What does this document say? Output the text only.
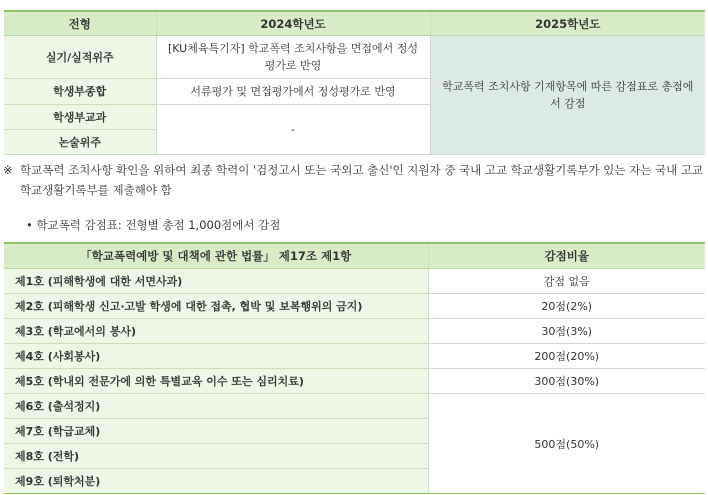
전형	2024학년도	2025학년도
실기/실적위주	[KU체육특기자] 학교폭력 조치사항을 면접에서 정성평가로 반영	학교폭력 조치사항 기재항목에 따른 감점표로 총점에서 감점
학생부종합	서류평가 및 면접평가에서 정성평가로 반영	
학생부교과	-	
논술위주		
※ 학교폭력 조치사항 확인을 위하여 최종 학력이 '검정고시 또는 국외고 출신'인 지원자 중 국내 고교 학교생활기록부가 있는 자는 국내 고교 학교생활기록부를 제출해야 함
• 학교폭력 감점표: 전형별 총점 1,000점에서 감점
「학교폭력예방 및 대책에 관한 법률」 제17조 제1항	감점비율
제1호 (피해학생에 대한 서면사과)	감점 없음
제2호 (피해학생 신고·고발 학생에 대한 접촉, 협박 및 보복행위의 금지)	20점(2%)
제3호 (학교에서의 봉사)	30점(3%)
제4호 (사회봉사)	200점(20%)
제5호 (학내외 전문가에 의한 특별교육 이수 또는 심리치료)	300점(30%)
제6호 (출석정지)	500점(50%)
제7호 (학급교체)	
제8호 (전학)	
제9호 (퇴학처분)	
